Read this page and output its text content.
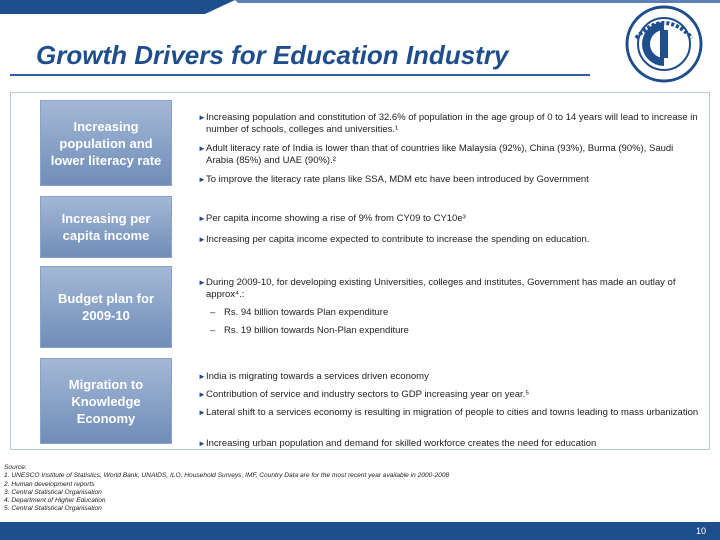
Growth Drivers for Education Industry
Increasing population and lower literacy rate
Increasing per capita income
Budget plan for 2009-10
Migration to Knowledge Economy
► Increasing population and constitution of 32.6% of population in the age group of 0 to 14 years will lead to increase in number of schools, colleges and universities.¹
► Adult literacy rate of India is lower than that of countries like Malaysia (92%), China (93%), Burma (90%), Saudi Arabia (85%) and UAE (90%).²
► To improve the literacy rate plans like SSA, MDM etc have been introduced by Government
► Per capita income showing a rise of 9% from CY09 to CY10e³
► Increasing per capita income expected to contribute to increase the spending on education.
► During 2009-10, for developing existing Universities, colleges and institutes, Government has made an outlay of approx⁴.:
– Rs. 94 billion towards Plan expenditure
– Rs. 19 billion towards Non-Plan expenditure
► India is migrating towards a services driven economy
► Contribution of service and industry sectors to GDP increasing year on year.⁵
► Lateral shift to a services economy is resulting in migration of people to cities and towns leading to mass urbanization
► Increasing urban population and demand for skilled workforce creates the need for education
Source:
1. UNESCO Institute of Statistics, World Bank, UNAIDS, ILO, Household Surveys, IMF, Country Data are for the most recent year available in 2000-2008
2. Human development reports
3. Central Statistical Organisation
4. Department of Higher Education
5. Central Statistical Organisation
10
